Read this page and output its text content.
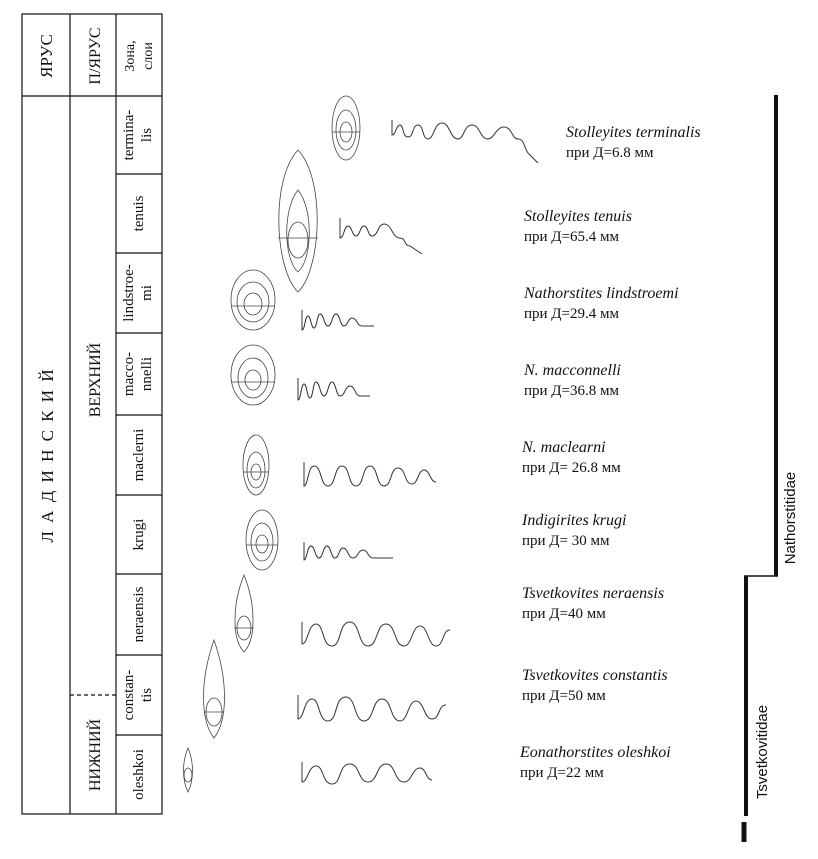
ЯРУС П/ЯРУС Зона, слои
Л А Д И Н С К И Й ВЕРХНИЙ
НИЖНИЙ
termina- lis
tenuis
lindstroe- mi
macco- nnelli
maclerni
krugi
neraensis
constan- tis
oleshkoi
Nathorstitidae
Tsvetkovitidae
Stolleyites terminalis
при Д=6.8 мм
Stolleyites tenuis
при Д=65.4 мм
Nathorstites lindstroemi
при Д=29.4 мм
N. macconnelli
при Д=36.8 мм
N. maclearni
при Д= 26.8 мм
Indigirites krugi
при Д= 30 мм
Tsvetkovites neraensis
при Д=40 мм
Tsvetkovites constantis
при Д=50 мм
Eonathorstites oleshkoi
при Д=22 мм
